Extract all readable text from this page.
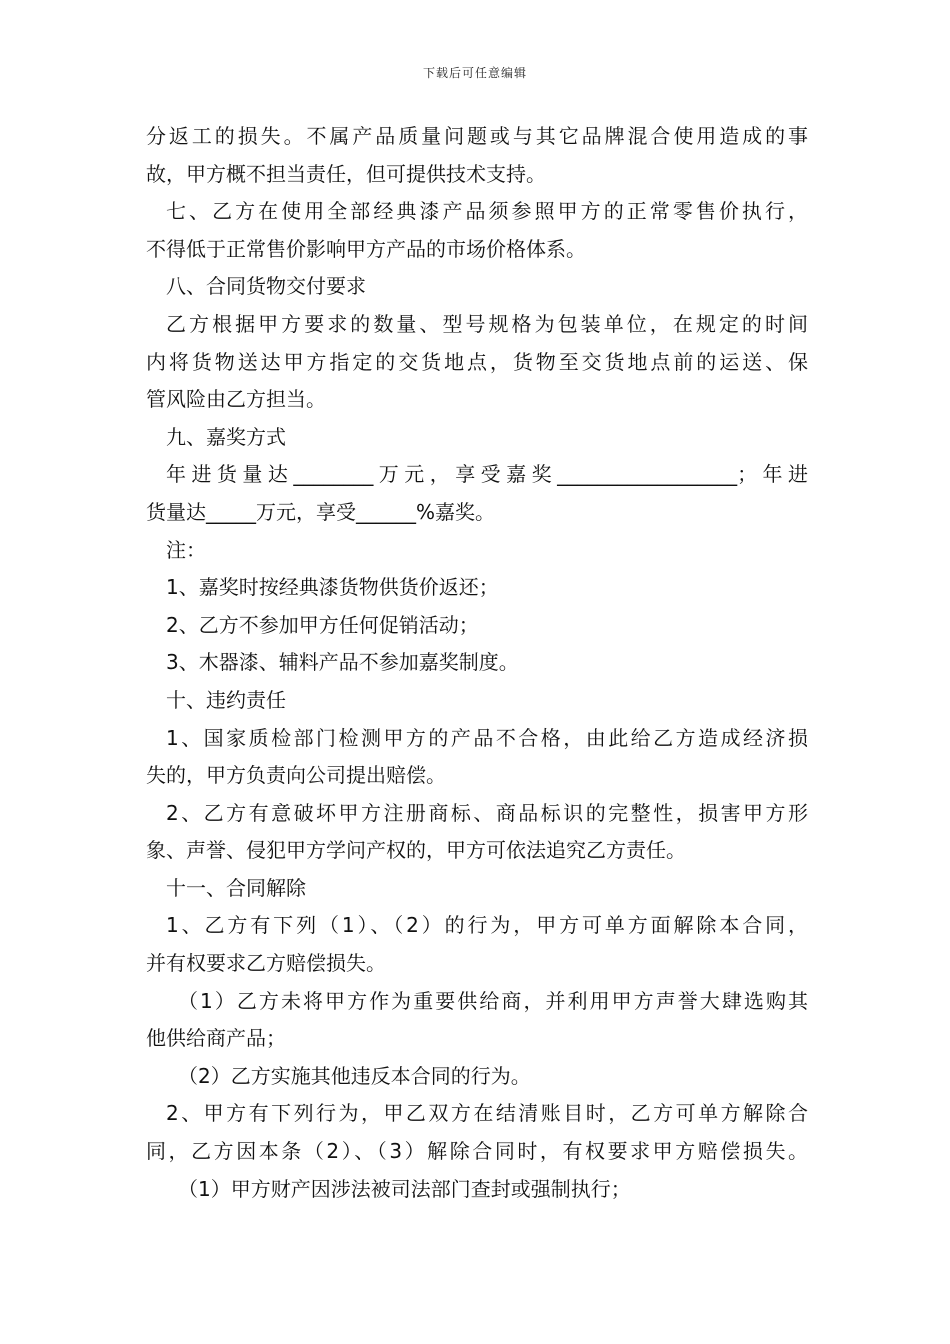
下载后可任意编辑

分返工的损失。不属产品质量问题或与其它品牌混合使用造成的事

故，甲方概不担当责任，但可提供技术支持。

七、乙方在使用全部经典漆产品须参照甲方的正常零售价执行，

不得低于正常售价影响甲方产品的市场价格体系。

八、合同货物交付要求

乙方根据甲方要求的数量、型号规格为包装单位，在规定的时间

内将货物送达甲方指定的交货地点，货物至交货地点前的运送、保

管风险由乙方担当。

九、嘉奖方式

年进货量达________万元，享受嘉奖__________________；年进

货量达_____万元，享受______%嘉奖。

注：

1、嘉奖时按经典漆货物供货价返还；

2、乙方不参加甲方任何促销活动；

3、木器漆、辅料产品不参加嘉奖制度。

十、违约责任

1、国家质检部门检测甲方的产品不合格，由此给乙方造成经济损

失的，甲方负责向公司提出赔偿。

2、乙方有意破坏甲方注册商标、商品标识的完整性，损害甲方形

象、声誉、侵犯甲方学问产权的，甲方可依法追究乙方责任。

十一、合同解除

1、乙方有下列（1）、（2）的行为，甲方可单方面解除本合同，

并有权要求乙方赔偿损失。

（1）乙方未将甲方作为重要供给商，并利用甲方声誉大肆选购其

他供给商产品；

（2）乙方实施其他违反本合同的行为。

2、甲方有下列行为，甲乙双方在结清账目时，乙方可单方解除合

同，乙方因本条（2）、（3）解除合同时，有权要求甲方赔偿损失。

（1）甲方财产因涉法被司法部门查封或强制执行；
